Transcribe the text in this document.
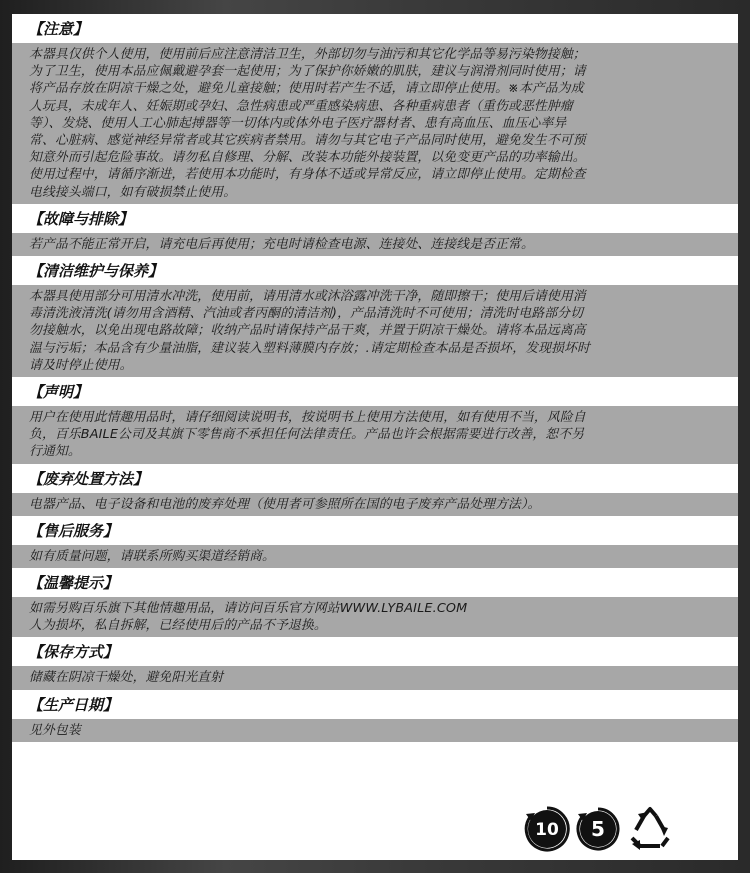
【注意】

本器具仅供个人使用，使用前后应注意清洁卫生，外部切勿与油污和其它化学品等易污染物接触；

为了卫生，使用本品应佩戴避孕套一起使用；为了保护你娇嫩的肌肤，建议与润滑剂同时使用；请

将产品存放在阴凉干燥之处，避免儿童接触；使用时若产生不适，请立即停止使用。※本产品为成

人玩具，未成年人、妊娠期或孕妇、急性病患或严重感染病患、各种重病患者（重伤或恶性肿瘤

等）、发烧、使用人工心肺起搏器等一切体内或体外电子医疗器材者、患有高血压、血压心率异

常、心脏病、感觉神经异常者或其它疾病者禁用。请勿与其它电子产品同时使用，避免发生不可预

知意外而引起危险事故。请勿私自修理、分解、改装本功能外接装置，以免变更产品的功率输出。

使用过程中，请循序渐进，若使用本功能时，有身体不适或异常反应，请立即停止使用。定期检查

电线接头端口，如有破损禁止使用。

【故障与排除】

若产品不能正常开启，请充电后再使用；充电时请检查电源、连接处、连接线是否正常。

【清洁维护与保养】

本器具使用部分可用清水冲洗，使用前，请用清水或沐浴露冲洗干净，随即擦干；使用后请使用消

毒清洗液清洗(请勿用含酒精、汽油或者丙酮的清洁剂)，产品清洗时不可使用；清洗时电路部分切

勿接触水，以免出现电路故障；收纳产品时请保持产品干爽，并置于阴凉干燥处。请将本品远离高

温与污垢；本品含有少量油脂，建议装入塑料薄膜内存放；.请定期检查本品是否损坏，发现损坏时

请及时停止使用。

【声明】

用户在使用此情趣用品时，请仔细阅读说明书，按说明书上使用方法使用，如有使用不当，风险自

负，百乐BAILE公司及其旗下零售商不承担任何法律责任。产品也许会根据需要进行改善，恕不另

行通知。

【废弃处置方法】

电器产品、电子设备和电池的废弃处理（使用者可参照所在国的电子废弃产品处理方法）。

【售后服务】

如有质量问题，请联系所购买渠道经销商。

【温馨提示】

如需另购百乐旗下其他情趣用品，请访问百乐官方网站WWW.LYBAILE.COM

人为损坏，私自拆解，已经使用后的产品不予退换。

【保存方式】

储藏在阴凉干燥处，避免阳光直射

【生产日期】

见外包装

10 5
